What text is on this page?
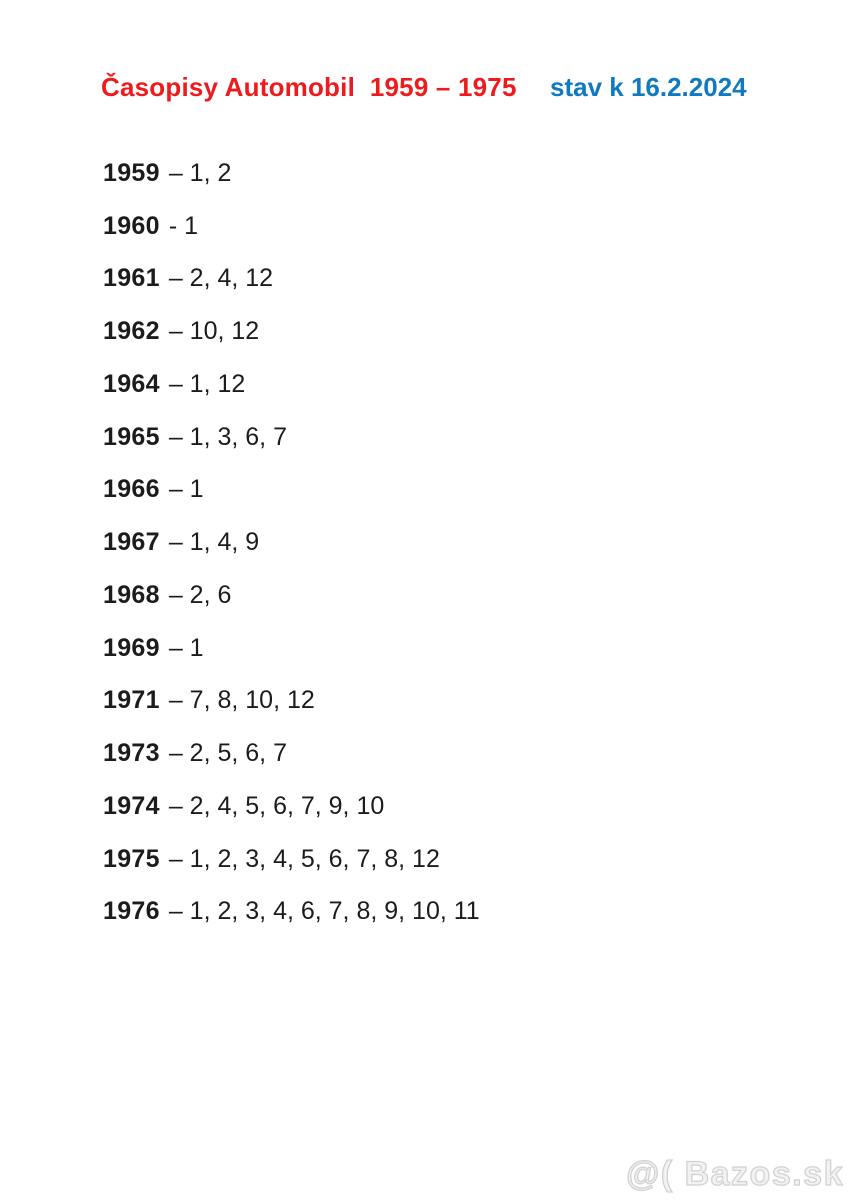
Časopisy Automobil  1959 – 1975 stav k 16.2.2024
1959 – 1, 2
1960 - 1
1961 – 2, 4, 12
1962 – 10, 12
1964 – 1, 12
1965 – 1, 3, 6, 7
1966 – 1
1967 – 1, 4, 9
1968 – 2, 6
1969 – 1
1971 – 7, 8, 10, 12
1973 – 2, 5, 6, 7
1974 – 2, 4, 5, 6, 7, 9, 10
1975 – 1, 2, 3, 4, 5, 6, 7, 8, 12
1976 – 1, 2, 3, 4, 6, 7, 8, 9, 10, 11
@( Bazos.sk
